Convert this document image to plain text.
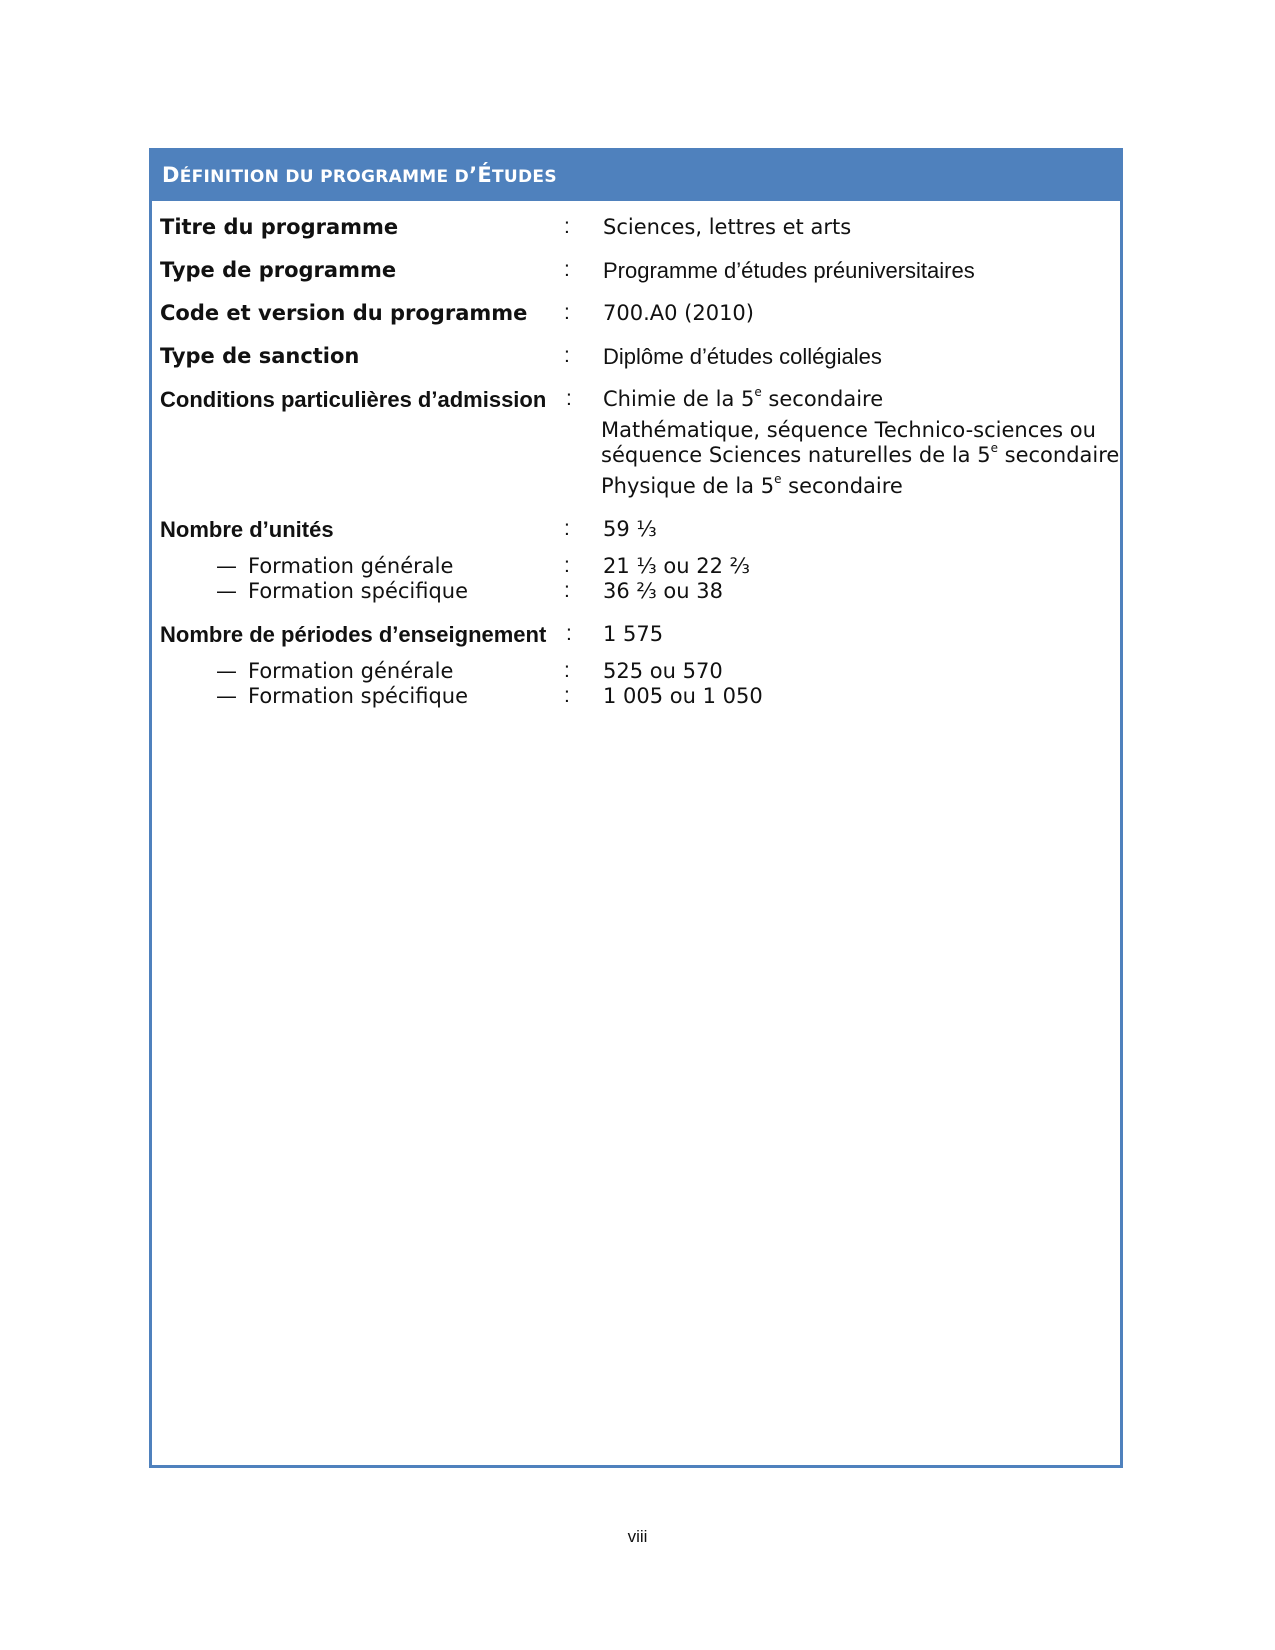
DÉFINITION DU PROGRAMME D’ÉTUDES
Titre du programme	: Sciences, lettres et arts
Type de programme	: Programme d’études préuniversitaires
Code et version du programme : 700.A0 (2010)
Type de sanction	: Diplôme d’études collégiales
Conditions particulières d’admission : Chimie de la 5e secondaire
Mathématique, séquence Technico-sciences ou
séquence Sciences naturelles de la 5e secondaire
Physique de la 5e secondaire
Nombre d’unités	: 59 ⅓
— Formation générale	: 21 ⅓ ou 22 ⅔
— Formation spécifique	: 36 ⅔ ou 38
Nombre de périodes d’enseignement : 1 575
— Formation générale	: 525 ou 570
— Formation spécifique	: 1 005 ou 1 050
viii
